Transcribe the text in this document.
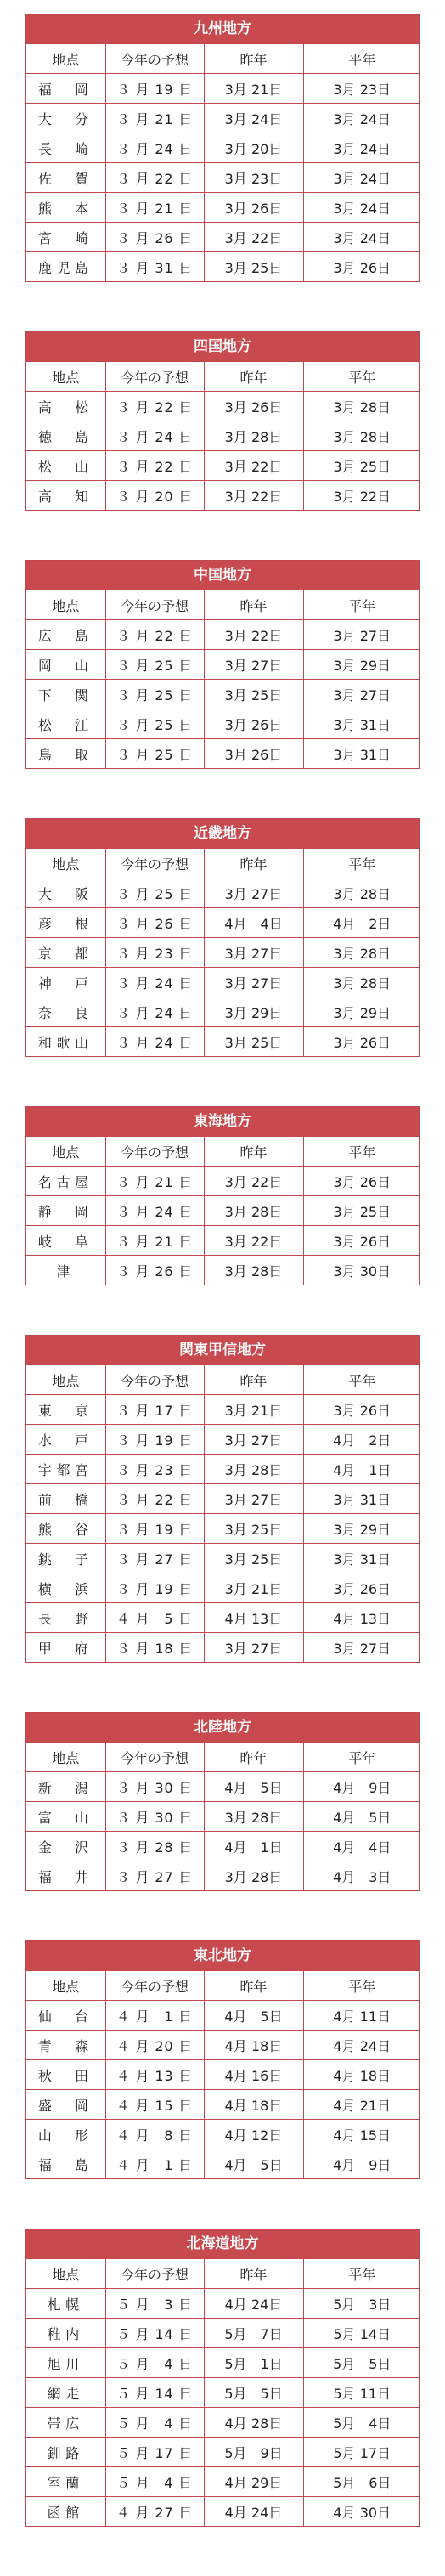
九州地方
地点	今年の予想	昨年	平年
福　岡	３ 月 19 日	3月 21日	3月 23日
大　分	３ 月 21 日	3月 24日	3月 24日
長　崎	３ 月 24 日	3月 20日	3月 24日
佐　賀	３ 月 22 日	3月 23日	3月 24日
熊　本	３ 月 21 日	3月 26日	3月 24日
宮　崎	３ 月 26 日	3月 22日	3月 24日
鹿児島	３ 月 31 日	3月 25日	3月 26日
四国地方
地点	今年の予想	昨年	平年
高　松	３ 月 22 日	3月 26日	3月 28日
徳　島	３ 月 24 日	3月 28日	3月 28日
松　山	３ 月 22 日	3月 22日	3月 25日
高　知	３ 月 20 日	3月 22日	3月 22日
中国地方
地点	今年の予想	昨年	平年
広　島	３ 月 22 日	3月 22日	3月 27日
岡　山	３ 月 25 日	3月 27日	3月 29日
下　関	３ 月 25 日	3月 25日	3月 27日
松　江	３ 月 25 日	3月 26日	3月 31日
鳥　取	３ 月 25 日	3月 26日	3月 31日
近畿地方
地点	今年の予想	昨年	平年
大　阪	３ 月 25 日	3月 27日	3月 28日
彦　根	３ 月 26 日	4月　4日	4月　2日
京　都	３ 月 23 日	3月 27日	3月 28日
神　戸	３ 月 24 日	3月 27日	3月 28日
奈　良	３ 月 24 日	3月 29日	3月 29日
和歌山	３ 月 24 日	3月 25日	3月 26日
東海地方
地点	今年の予想	昨年	平年
名古屋	３ 月 21 日	3月 22日	3月 26日
静　岡	３ 月 24 日	3月 28日	3月 25日
岐　阜	３ 月 21 日	3月 22日	3月 26日
津	３ 月 26 日	3月 28日	3月 30日
関東甲信地方
地点	今年の予想	昨年	平年
東　京	３ 月 17 日	3月 21日	3月 26日
水　戸	３ 月 19 日	3月 27日	4月　2日
宇都宮	３ 月 23 日	3月 28日	4月　1日
前　橋	３ 月 22 日	3月 27日	3月 31日
熊　谷	３ 月 19 日	3月 25日	3月 29日
銚　子	３ 月 27 日	3月 25日	3月 31日
横　浜	３ 月 19 日	3月 21日	3月 26日
長　野	４ 月　5 日	4月 13日	4月 13日
甲　府	３ 月 18 日	3月 27日	3月 27日
北陸地方
地点	今年の予想	昨年	平年
新　潟	３ 月 30 日	4月　5日	4月　9日
富　山	３ 月 30 日	3月 28日	4月　5日
金　沢	３ 月 28 日	4月　1日	4月　4日
福　井	３ 月 27 日	3月 28日	4月　3日
東北地方
地点	今年の予想	昨年	平年
仙　台	４ 月　1 日	4月　5日	4月 11日
青　森	４ 月 20 日	4月 18日	4月 24日
秋　田	４ 月 13 日	4月 16日	4月 18日
盛　岡	４ 月 15 日	4月 18日	4月 21日
山　形	４ 月　8 日	4月 12日	4月 15日
福　島	４ 月　1 日	4月　5日	4月　9日
北海道地方
地点	今年の予想	昨年	平年
札幌	５ 月　3 日	4月 24日	5月　3日
稚内	５ 月 14 日	5月　7日	5月 14日
旭川	５ 月　4 日	5月　1日	5月　5日
網走	５ 月 14 日	5月　5日	5月 11日
帯広	５ 月　4 日	4月 28日	5月　4日
釧路	５ 月 17 日	5月　9日	5月 17日
室蘭	５ 月　4 日	4月 29日	5月　6日
函館	４ 月 27 日	4月 24日	4月 30日
